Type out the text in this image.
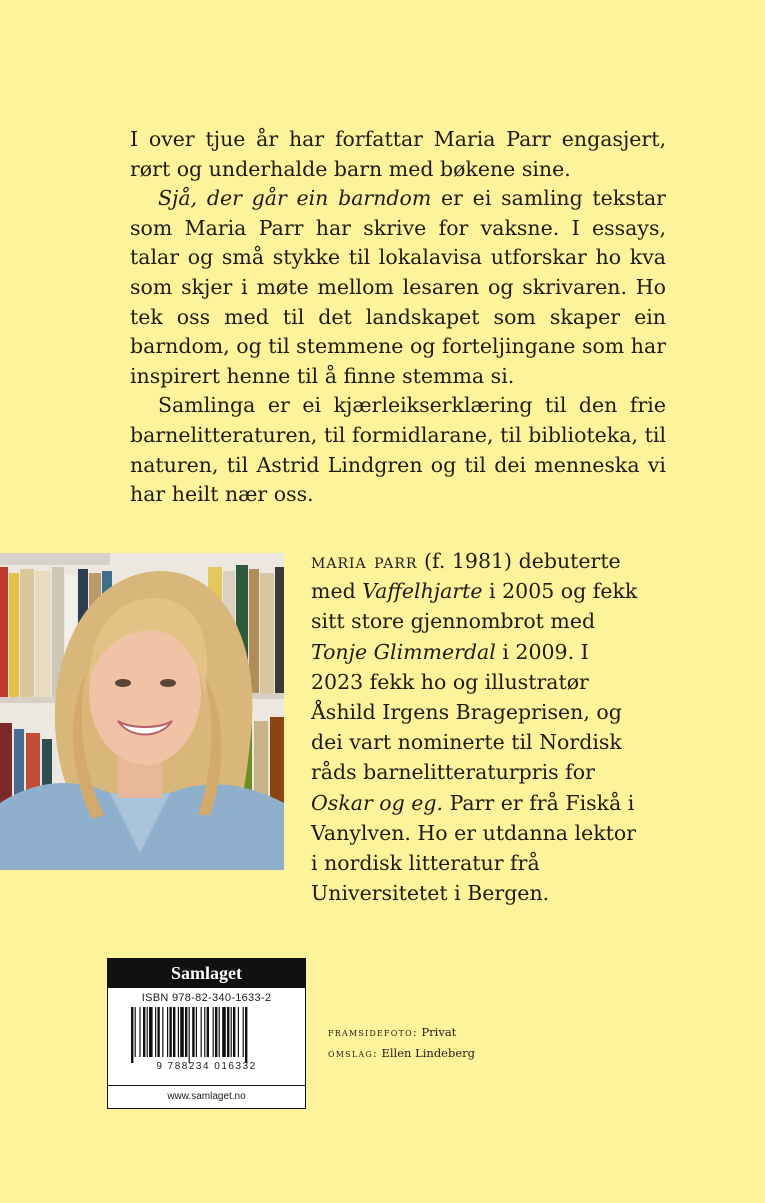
I over tjue år har forfattar Maria Parr engasjert, rørt og underhalde barn med bøkene sine.

Sjå, der går ein barndom er ei samling tekstar som Maria Parr har skrive for vaksne. I essays, talar og små stykke til lokalavisa utforskar ho kva som skjer i møte mellom lesaren og skrivaren. Ho tek oss med til det landskapet som skaper ein barndom, og til stemmene og forteljingane som har inspirert henne til å finne stemma si.

Samlinga er ei kjærleikserklæring til den frie barnelitteraturen, til formidlarane, til biblioteka, til naturen, til Astrid Lindgren og til dei menneska vi har heilt nær oss.

maria parr (f. 1981) debuterte med Vaffelhjarte i 2005 og fekk sitt store gjennombrot med Tonje Glimmerdal i 2009. I 2023 fekk ho og illustratør Åshild Irgens Brageprisen, og dei vart nominerte til Nordisk råds barnelitteraturpris for Oskar og eg. Parr er frå Fiskå i Vanylven. Ho er utdanna lektor i nordisk litteratur frå Universitetet i Bergen.
Samlaget
ISBN 978-82-340-1633-2
9 788234 016332
www.samlaget.no
framsidefoto: Privat
omslag: Ellen Lindeberg
